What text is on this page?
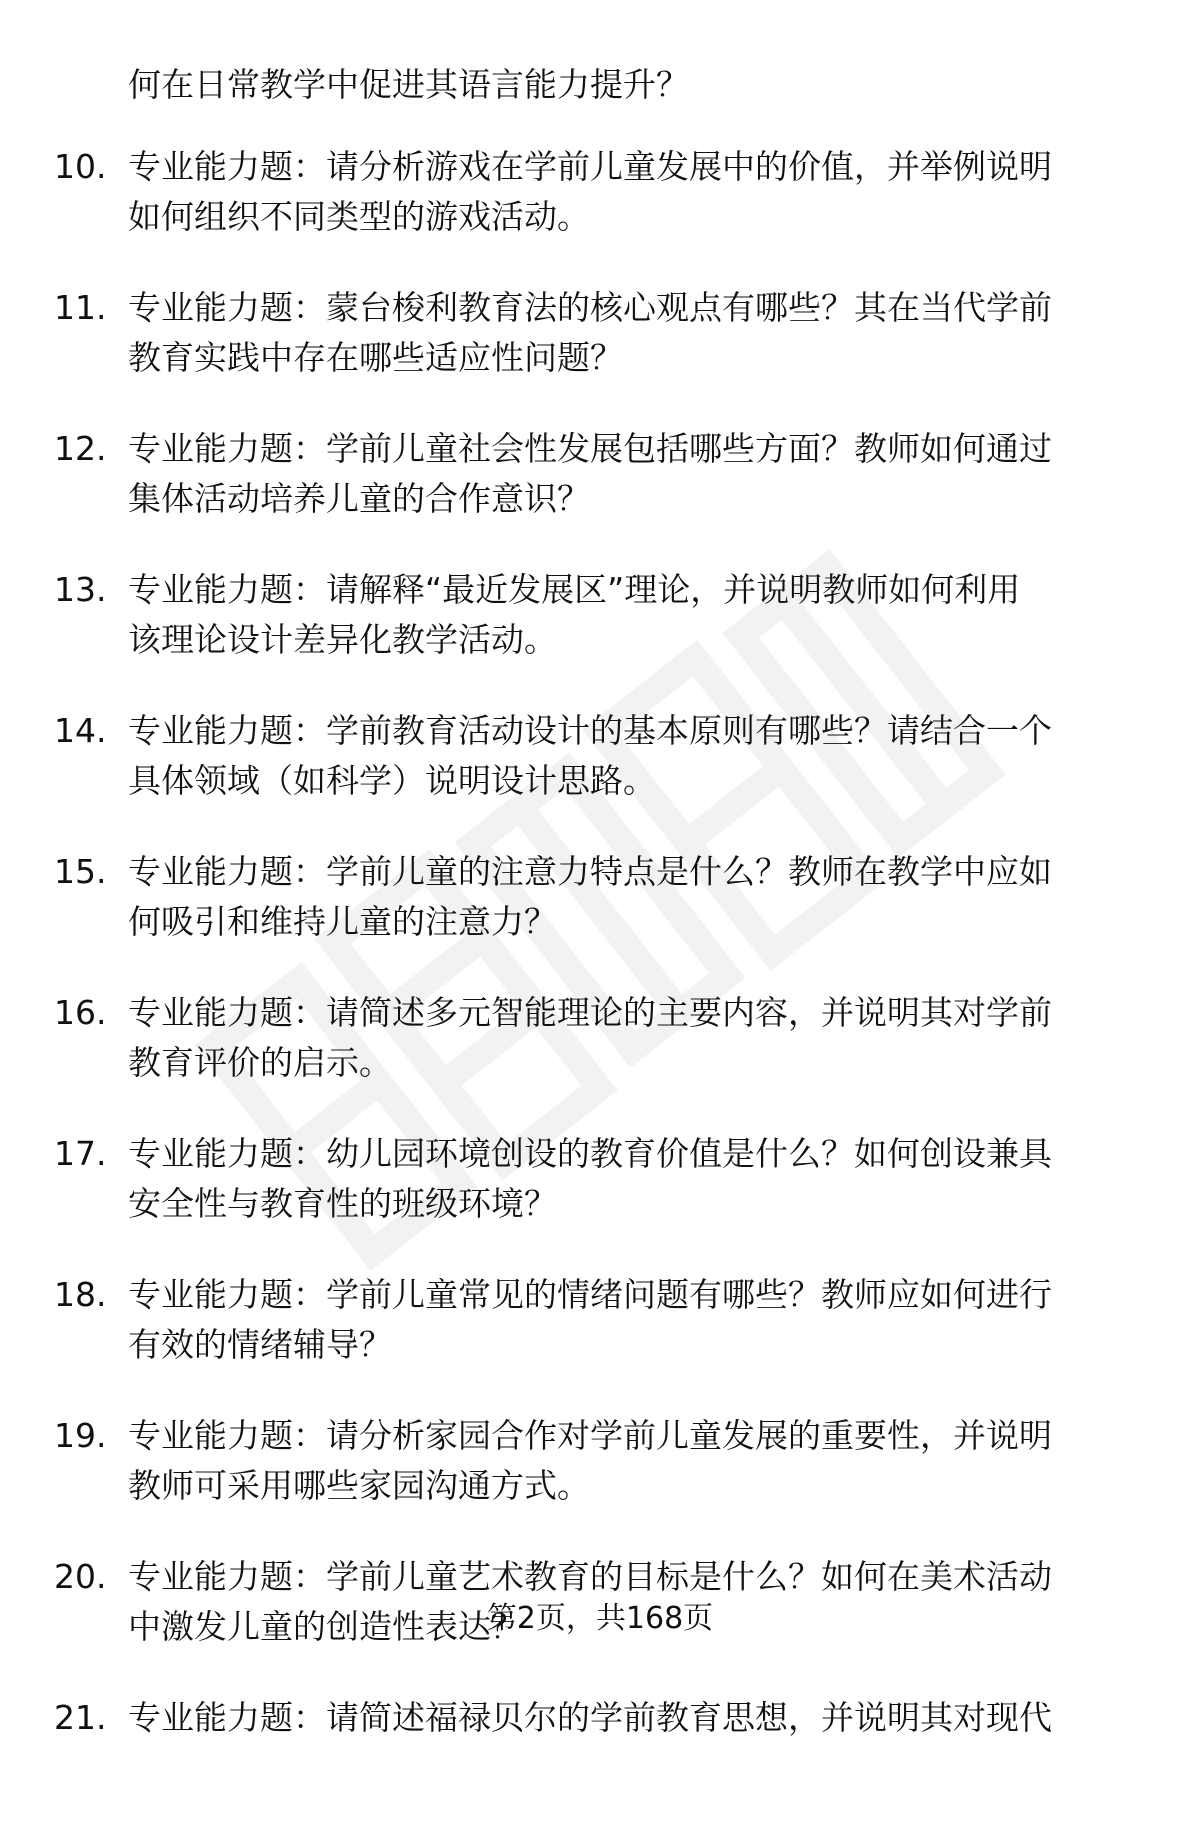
何在日常教学中促进其语言能力提升？
10. 专业能力题：请分析游戏在学前儿童发展中的价值，并举例说明
如何组织不同类型的游戏活动。
11. 专业能力题：蒙台梭利教育法的核心观点有哪些？其在当代学前
教育实践中存在哪些适应性问题？
12. 专业能力题：学前儿童社会性发展包括哪些方面？教师如何通过
集体活动培养儿童的合作意识？
13. 专业能力题：请解释“最近发展区”理论，并说明教师如何利用
该理论设计差异化教学活动。
14. 专业能力题：学前教育活动设计的基本原则有哪些？请结合一个
具体领域（如科学）说明设计思路。
15. 专业能力题：学前儿童的注意力特点是什么？教师在教学中应如
何吸引和维持儿童的注意力？
16. 专业能力题：请简述多元智能理论的主要内容，并说明其对学前
教育评价的启示。
17. 专业能力题：幼儿园环境创设的教育价值是什么？如何创设兼具
安全性与教育性的班级环境？
18. 专业能力题：学前儿童常见的情绪问题有哪些？教师应如何进行
有效的情绪辅导？
19. 专业能力题：请分析家园合作对学前儿童发展的重要性，并说明
教师可采用哪些家园沟通方式。
20. 专业能力题：学前儿童艺术教育的目标是什么？如何在美术活动
中激发儿童的创造性表达？
21. 专业能力题：请简述福禄贝尔的学前教育思想，并说明其对现代
第2页，共168页
